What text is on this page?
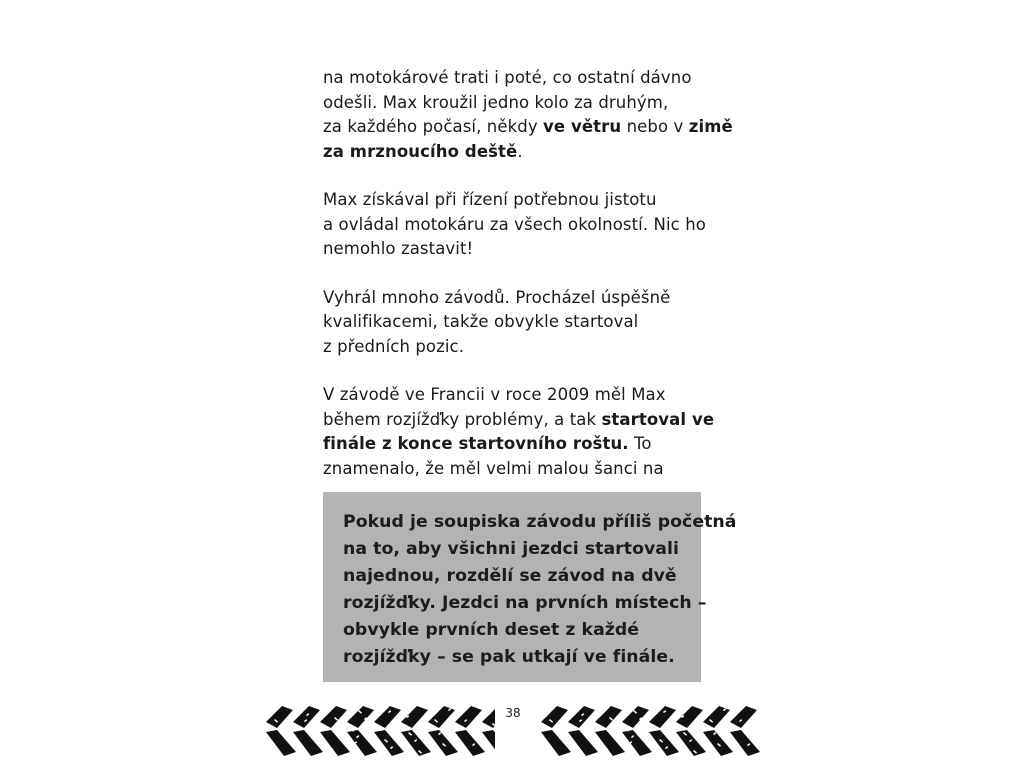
na motokárové trati i poté, co ostatní dávno
odešli. Max kroužil jedno kolo za druhým,
za každého počasí, někdy ve větru nebo v zimě
za mrznoucího deště.

Max získával při řízení potřebnou jistotu
a ovládal motokáru za všech okolností. Nic ho
nemohlo zastavit!

Vyhrál mnoho závodů. Procházel úspěšně
kvalifikacemi, takže obvykle startoval
z předních pozic.

V závodě ve Francii v roce 2009 měl Max
během rozjížďky problémy, a tak startoval ve
finále z konce startovního roštu. To
znamenalo, že měl velmi malou šanci na

Pokud je soupiska závodu příliš početná
na to, aby všichni jezdci startovali
najednou, rozdělí se závod na dvě
rozjížďky. Jezdci na prvních místech –
obvykle prvních deset z každé
rozjížďky – se pak utkají ve finále.
38
